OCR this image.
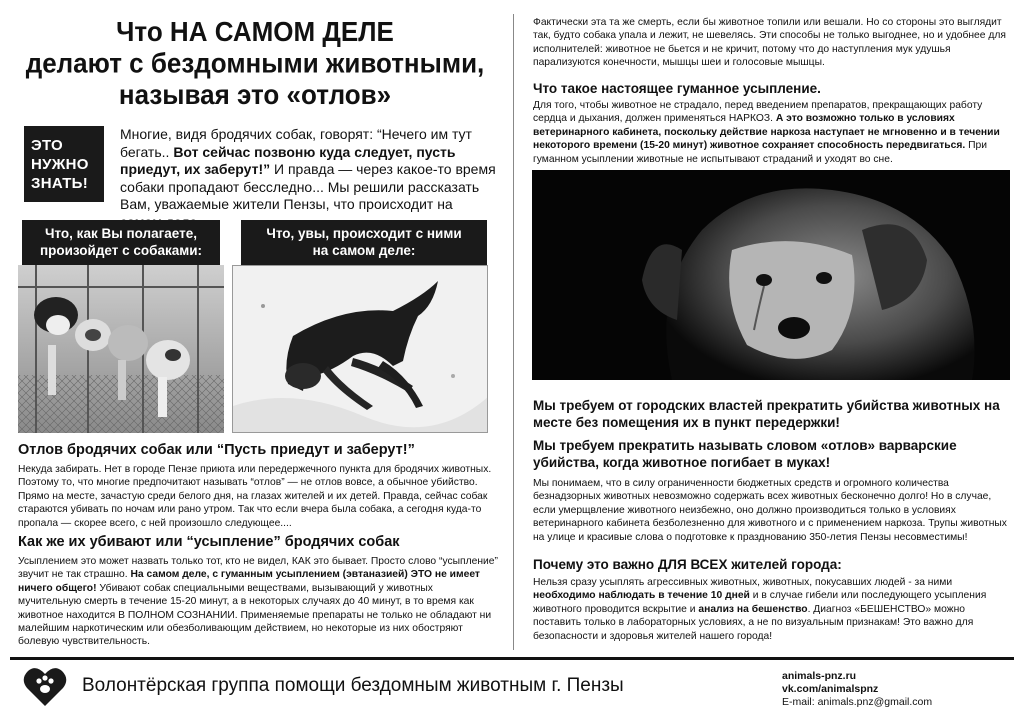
Что НА САМОМ ДЕЛЕ
делают с бездомными животными,
называя это «отлов»
ЭТО
НУЖНО
ЗНАТЬ!
Многие, видя бродячих собак, говорят: “Нечего им тут бегать.. Вот сейчас позвоню куда следует, пусть приедут, их заберут!” И правда — через какое-то время собаки пропадают бесследно... Мы решили рассказать Вам, уважаемые жители Пензы, что происходит на
Что, как Вы полагаете,
произойдет с собаками:
Что, увы, происходит с ними
на самом деле:
Отлов бродячих собак или “Пусть приедут и заберут!”
Некуда забирать. Нет в городе Пензе приюта или передержечного пункта для бродячих животных. Поэтому то, что многие предпочитают называть “отлов” — не отлов вовсе, а обычное убийство. Прямо на месте, зачастую среди белого дня, на глазах жителей и их детей. Правда, сейчас собак стараются убивать по ночам или рано утром. Так что если вчера была собака, а сегодня куда-то пропала — скорее всего, с ней произошло следующее....
Как же их убивают или “усыпление” бродячих собак
Усыплением это может назвать только тот, кто не видел, КАК это бывает. Просто слово “усыпление” звучит не так страшно. На самом деле, с гуманным усыплением (эвтаназией) ЭТО не имеет ничего общего! Убивают собак специальными веществами, вызывающий у животных мучительную смерть в течение 15-20 минут, а в некоторых случаях до 40 минут, в то время как животное находится В ПОЛНОМ СОЗНАНИИ. Применяемые препараты не только не обладают ни малейшим наркотическим или обезболивающим действием, но некоторые из них обостряют болевую чувствительность.
Фактически эта та же смерть, если бы животное топили или вешали. Но со стороны это выглядит так, будто собака упала и лежит, не шевелясь. Эти способы не только выгоднее, но и удобнее для исполнителей: животное не бьется и не кричит, потому что до наступления мук удушья парализуются конечности, мышцы шеи и голосовые мышцы.
Что такое настоящее гуманное усыпление.
Для того, чтобы животное не страдало, перед введением препаратов, прекращающих работу сердца и дыхания, должен применяться НАРКОЗ. А это возможно только в условиях ветеринарного кабинета, поскольку действие наркоза наступает не мгновенно и в течении некоторого времени (15-20 минут) животное сохраняет способность передвигаться. При гуманном усыплении животные не испытывают страданий и уходят во сне.
Мы требуем от городских властей прекратить убийства животных на месте без помещения их в пункт передержки!
Мы требуем прекратить называть словом «отлов» варварские убийства, когда животное погибает в муках!
Мы понимаем, что в силу ограниченности бюджетных средств и огромного количества безнадзорных животных невозможно содержать всех животных бесконечно долго! Но в случае, если умерщвление животного неизбежно, оно должно производиться только в условиях ветеринарного кабинета безболезненно для животного и с применением наркоза. Трупы животных на улице и красивые слова о подготовке к празднованию 350-летия Пензы несовместимы!
Почему это важно ДЛЯ ВСЕХ жителей города:
Нельзя сразу усыплять агрессивных животных, животных, покусавших людей - за ними необходимо наблюдать в течение 10 дней и в случае гибели или последующего усыпления животного проводится вскрытие и анализ на бешенство. Диагноз «БЕШЕНСТВО» можно поставить только в лабораторных условиях, а не по визуальным признакам! Это важно для безопасности и здоровья жителей нашего города!
Волонтёрская группа помощи бездомным животным г. Пензы	animals-pnz.ru
vk.com/animalspnz
E-mail: animals.pnz@gmail.com
